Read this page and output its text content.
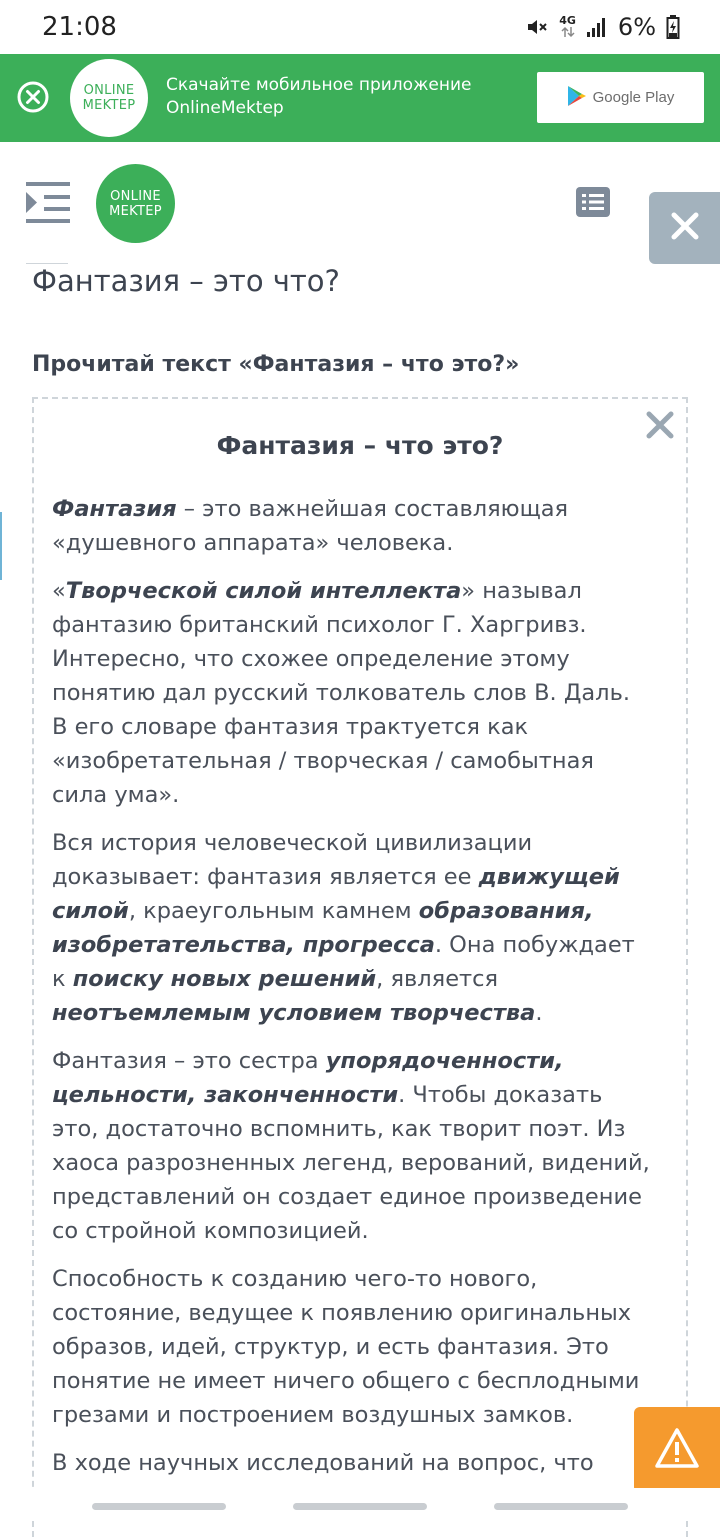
21:08	4G 6%
ONLINE
MEKTEP
Скачайте мобильное приложение
OnlineMektep
Google Play
ONLINE
MEKTEP
Фантазия – это что?
Прочитай текст «Фантазия – что это?»
Фантазия – что это?

Фантазия – это важнейшая составляющая «душевного аппарата» человека.

«Творческой силой интеллекта» называл фантазию британский психолог Г. Харгривз. Интересно, что схожее определение этому понятию дал русский толкователь слов В. Даль. В его словаре фантазия трактуется как «изобретательная / творческая / самобытная сила ума».

Вся история человеческой цивилизации доказывает: фантазия является ее движущей силой, краеугольным камнем образования, изобретательства, прогресса. Она побуждает к поиску новых решений, является неотъемлемым условием творчества.

Фантазия – это сестра упорядоченности, цельности, законченности. Чтобы доказать это, достаточно вспомнить, как творит поэт. Из хаоса разрозненных легенд, верований, видений, представлений он создает единое произведение со стройной композицией.

Способность к созданию чего-то нового, состояние, ведущее к появлению оригинальных образов, идей, структур, и есть фантазия. Это понятие не имеет ничего общего с бесплодными грезами и построением воздушных замков.

В ходе научных исследований на вопрос, что
